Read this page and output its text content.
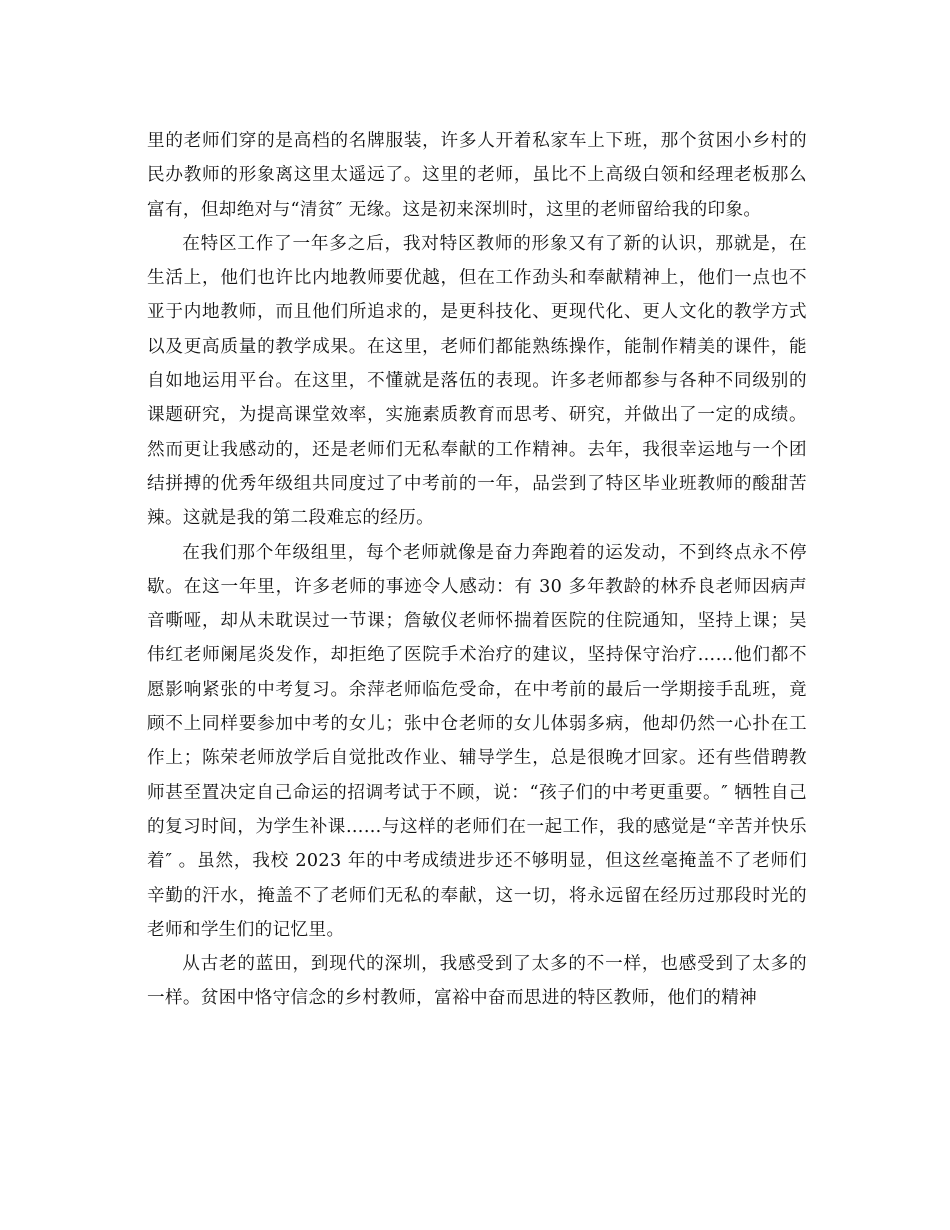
里的老师们穿的是高档的名牌服装，许多人开着私家车上下班，那个贫困小乡村的民办教师的形象离这里太遥远了。这里的老师，虽比不上高级白领和经理老板那么富有，但却绝对与“清贫″ 无缘。这是初来深圳时，这里的老师留给我的印象。

在特区工作了一年多之后，我对特区教师的形象又有了新的认识，那就是，在生活上，他们也许比内地教师要优越，但在工作劲头和奉献精神上，他们一点也不亚于内地教师，而且他们所追求的，是更科技化、更现代化、更人文化的教学方式以及更高质量的教学成果。在这里，老师们都能熟练操作，能制作精美的课件，能自如地运用平台。在这里，不懂就是落伍的表现。许多老师都参与各种不同级别的课题研究，为提高课堂效率，实施素质教育而思考、研究，并做出了一定的成绩。然而更让我感动的，还是老师们无私奉献的工作精神。去年，我很幸运地与一个团结拼搏的优秀年级组共同度过了中考前的一年，品尝到了特区毕业班教师的酸甜苦辣。这就是我的第二段难忘的经历。

在我们那个年级组里，每个老师就像是奋力奔跑着的运发动，不到终点永不停歇。在这一年里，许多老师的事迹令人感动：有 30 多年教龄的林乔良老师因病声音嘶哑，却从未耽误过一节课；詹敏仪老师怀揣着医院的住院通知，坚持上课；吴伟红老师阑尾炎发作，却拒绝了医院手术治疗的建议，坚持保守治疗……他们都不愿影响紧张的中考复习。余萍老师临危受命，在中考前的最后一学期接手乱班，竟顾不上同样要参加中考的女儿；张中仓老师的女儿体弱多病，他却仍然一心扑在工作上；陈荣老师放学后自觉批改作业、辅导学生，总是很晚才回家。还有些借聘教师甚至置决定自己命运的招调考试于不顾，说：“孩子们的中考更重要。″ 牺牲自己的复习时间，为学生补课……与这样的老师们在一起工作，我的感觉是“辛苦并快乐着″ 。虽然，我校 2023 年的中考成绩进步还不够明显，但这丝毫掩盖不了老师们辛勤的汗水，掩盖不了老师们无私的奉献，这一切，将永远留在经历过那段时光的老师和学生们的记忆里。

从古老的蓝田，到现代的深圳，我感受到了太多的不一样，也感受到了太多的一样。贫困中恪守信念的乡村教师，富裕中奋而思进的特区教师，他们的精神
